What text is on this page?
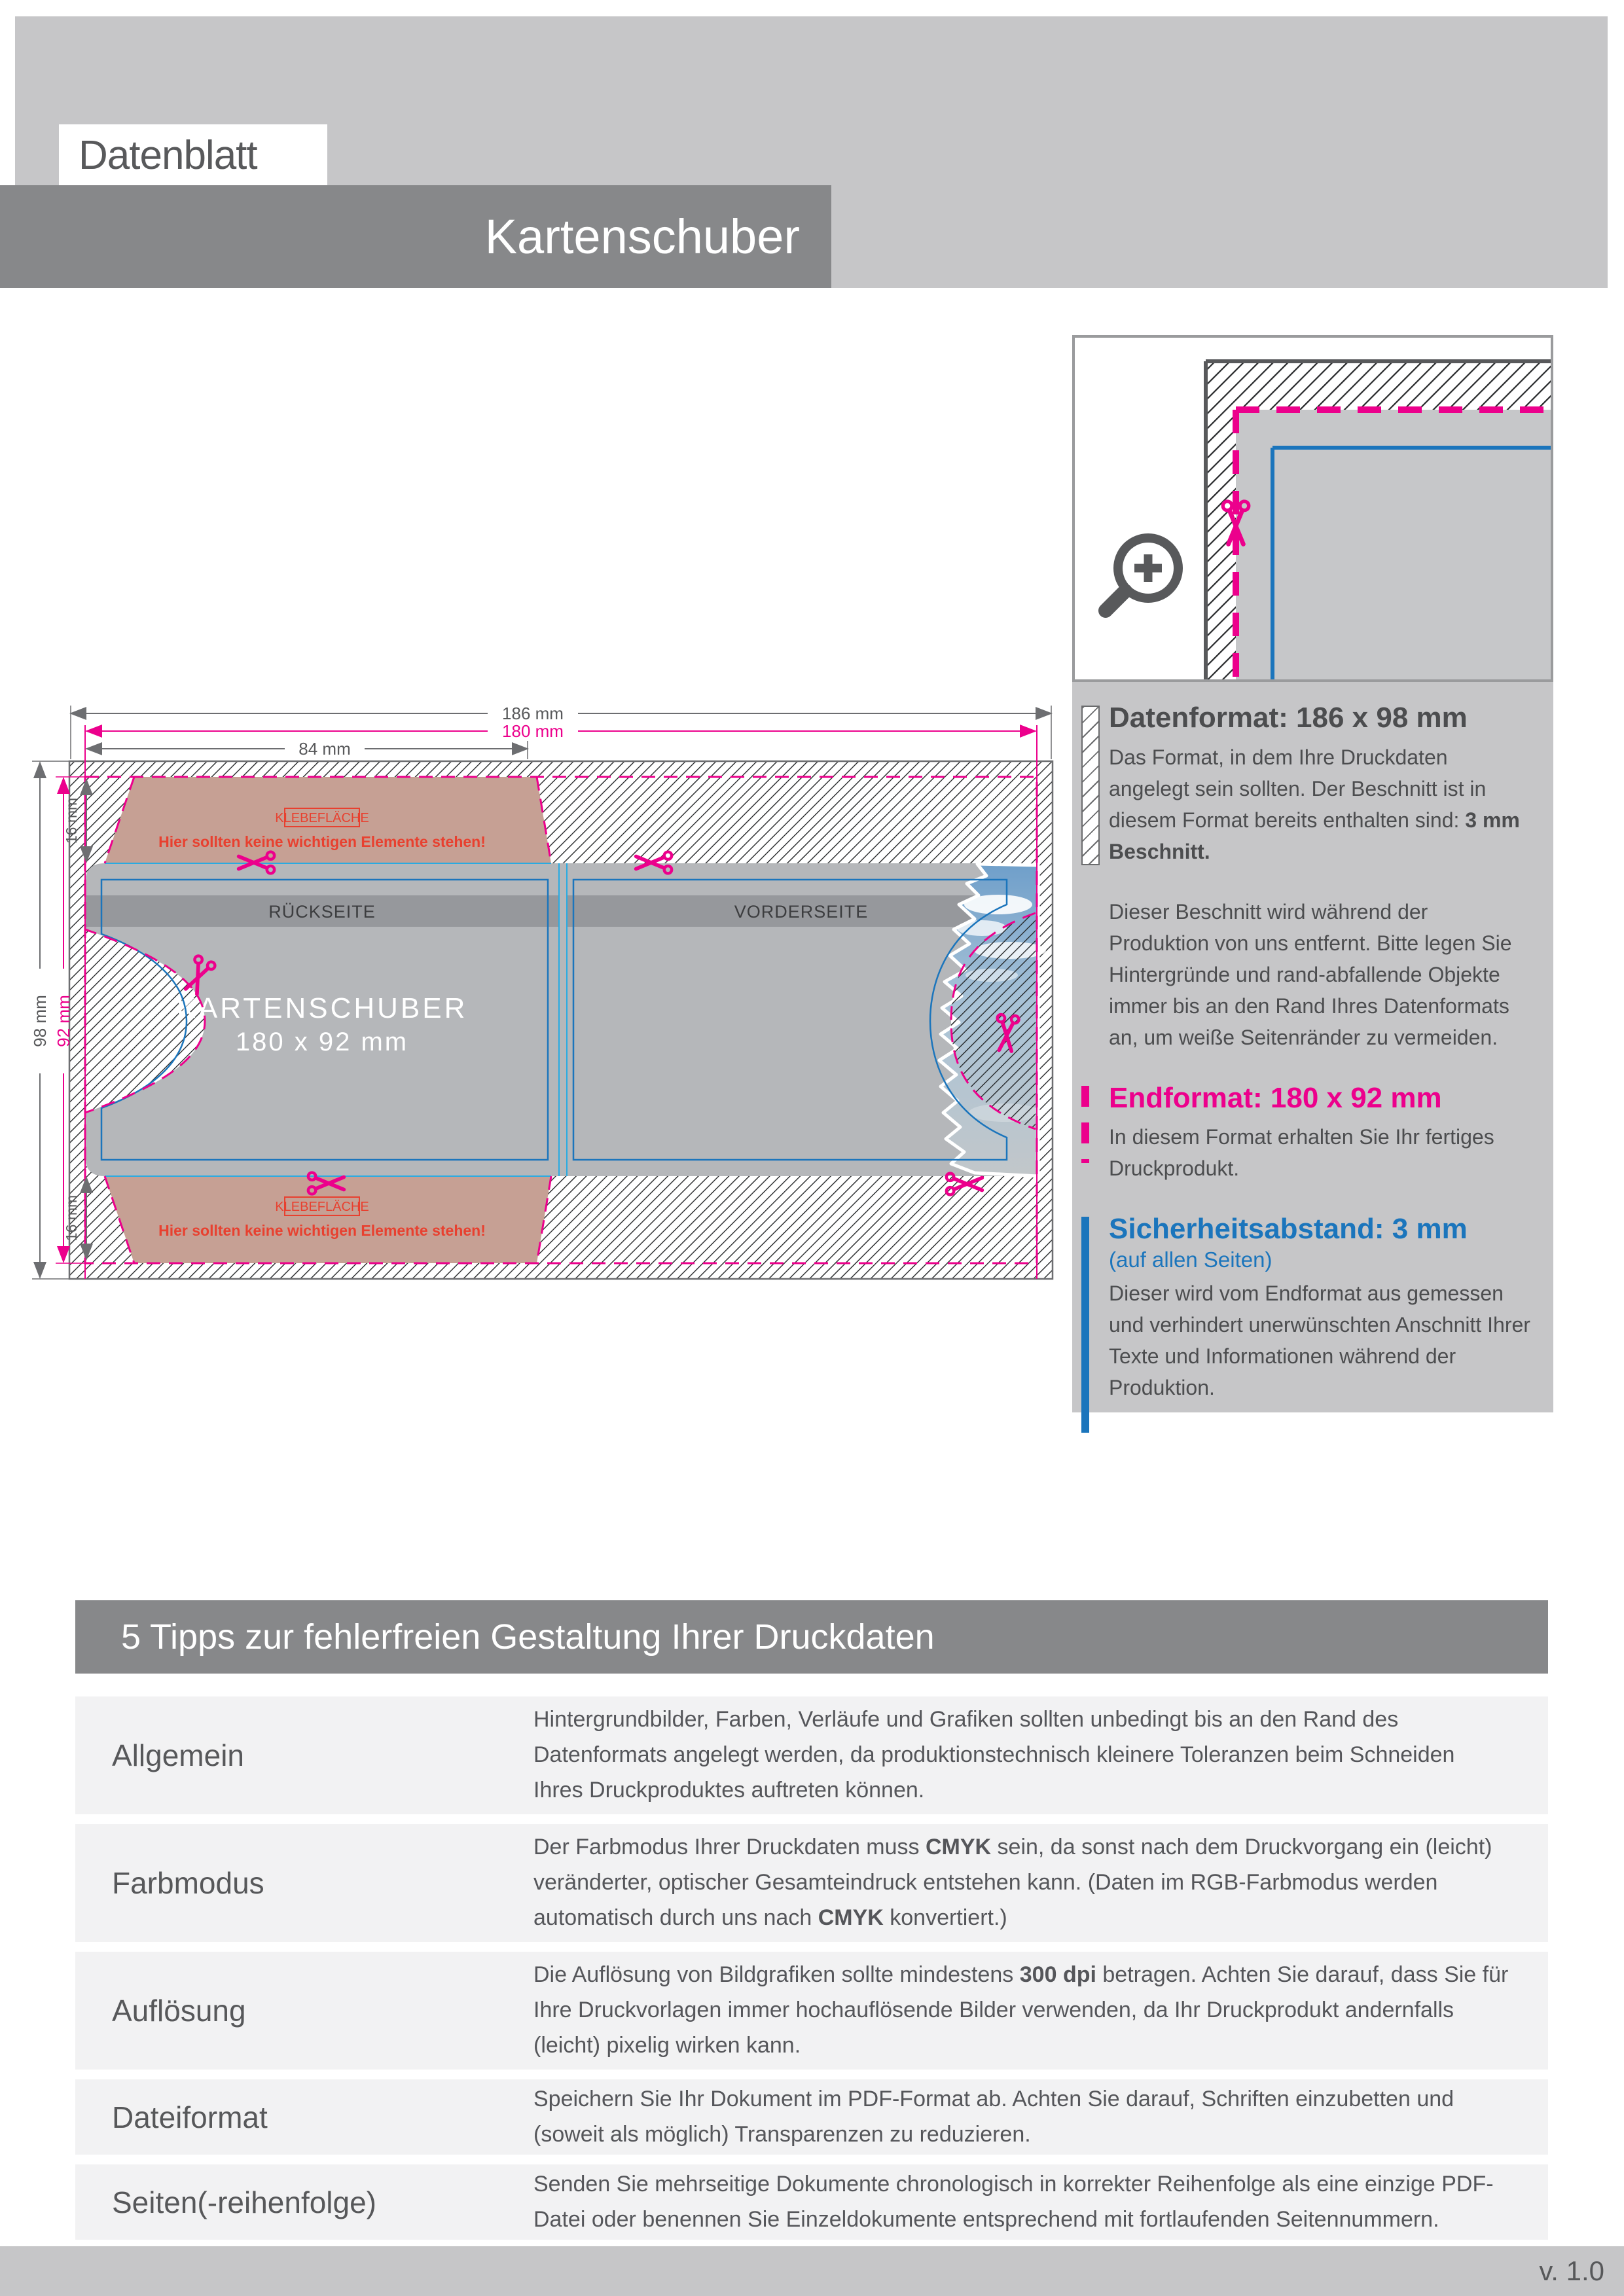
Datenblatt
Kartenschuber
RÜCKSEITE	VORDERSEITE
KARTENSCHUBER
180 x 92 mm
KLEBEFLÄCHE
Hier sollten keine wichtigen Elemente stehen!
KLEBEFLÄCHE
Hier sollten keine wichtigen Elemente stehen!
186 mm
180 mm
84 mm
98 mm 92 mm
16 mm
16 mm
Datenformat: 186 x 98 mm

Das Format, in dem Ihre Druckdaten angelegt sein sollten. Der Beschnitt ist in diesem Format bereits enthalten sind: 3 mm Beschnitt.

Dieser Beschnitt wird während der Produktion von uns entfernt. Bitte legen Sie Hintergründe und rand-abfallende Objekte immer bis an den Rand Ihres Datenformats an, um weiße Seitenränder zu vermeiden.

Endformat: 180 x 92 mm

In diesem Format erhalten Sie Ihr fertiges Druckprodukt.

Sicherheitsabstand: 3 mm
(auf allen Seiten)

Dieser wird vom Endformat aus gemessen und verhindert unerwünschten Anschnitt Ihrer Texte und Informationen während der Produktion.

5 Tipps zur fehlerfreien Gestaltung Ihrer Druckdaten
Allgemein
Hintergrundbilder, Farben, Verläufe und Grafiken sollten unbedingt bis an den Rand des Datenformats angelegt werden, da produktionstechnisch kleinere Toleranzen beim Schneiden Ihres Druckproduktes auftreten können.
Farbmodus
Der Farbmodus Ihrer Druckdaten muss CMYK sein, da sonst nach dem Druckvorgang ein (leicht) veränderter, optischer Gesamteindruck entstehen kann. (Daten im RGB-Farbmodus werden automatisch durch uns nach CMYK konvertiert.)
Auflösung
Die Auflösung von Bildgrafiken sollte mindestens 300 dpi betragen. Achten Sie darauf, dass Sie für Ihre Druckvorlagen immer hochauflösende Bilder verwenden, da Ihr Druckprodukt andernfalls (leicht) pixelig wirken kann.
Dateiformat
Speichern Sie Ihr Dokument im PDF-Format ab. Achten Sie darauf, Schriften einzubetten und (soweit als möglich) Transparenzen zu reduzieren.
Seiten(-reihenfolge)
Senden Sie mehrseitige Dokumente chronologisch in korrekter Reihenfolge als eine einzige PDF-Datei oder benennen Sie Einzeldokumente entsprechend mit fortlaufenden Seitennummern.
v. 1.0
